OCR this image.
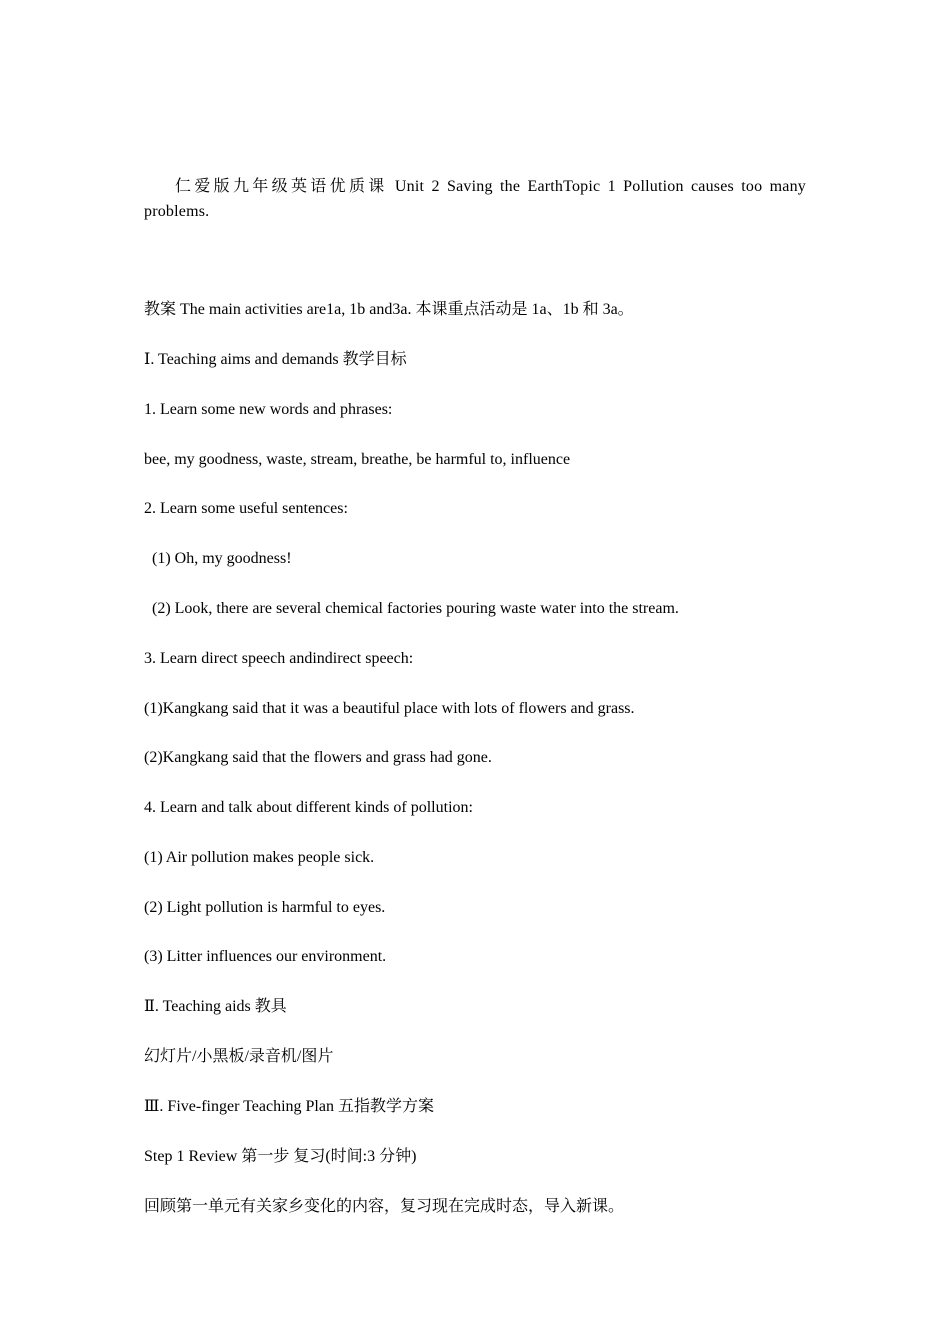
仁爱版九年级英语优质课 Unit 2 Saving the EarthTopic 1 Pollution causes too many problems.
教案 The main activities are1a, 1b and3a. 本课重点活动是 1a、1b 和 3a。
Ⅰ. Teaching aims and demands 教学目标
1. Learn some new words and phrases:
bee, my goodness, waste, stream, breathe, be harmful to, influence
2. Learn some useful sentences:
(1) Oh, my goodness!
(2) Look, there are several chemical factories pouring waste water into the stream.
3. Learn direct speech andindirect speech:
(1)Kangkang said that it was a beautiful place with lots of flowers and grass.
(2)Kangkang said that the flowers and grass had gone.
4. Learn and talk about different kinds of pollution:
(1) Air pollution makes people sick.
(2) Light pollution is harmful to eyes.
(3) Litter influences our environment.
Ⅱ. Teaching aids 教具
幻灯片/小黑板/录音机/图片
Ⅲ. Five-finger Teaching Plan 五指教学方案
Step 1 Review 第一步 复习(时间:3 分钟)
回顾第一单元有关家乡变化的内容，复习现在完成时态，导入新课。
